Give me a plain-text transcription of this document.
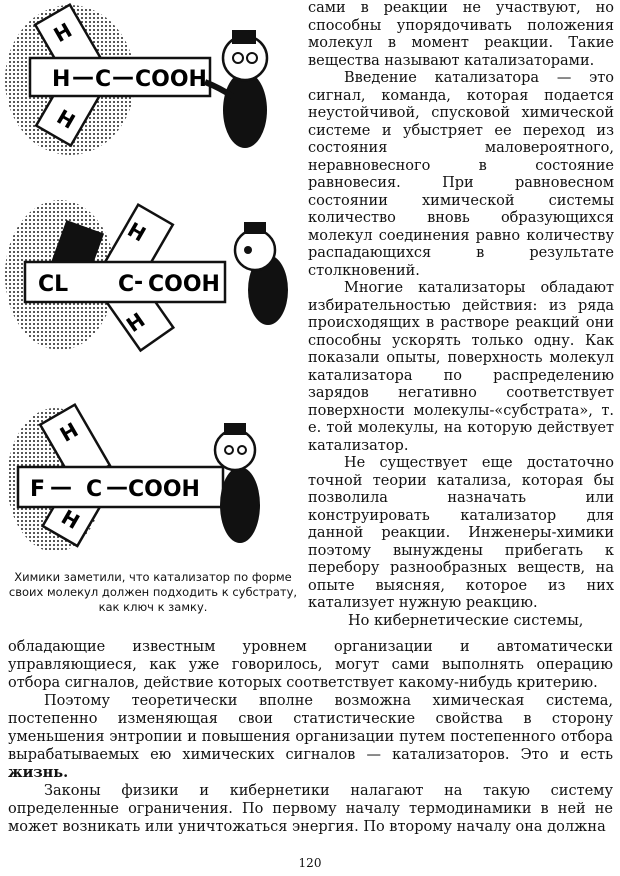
H — C — COOH
H
H
CL C - COOH
H
H
F — C — COOH
H
H

Химики заметили, что катализатор по форме своих молекул должен подходить к субстрату, как ключ к замку.

сами в реакции не участвуют, но способны упорядочивать положения молекул в момент реакции. Такие вещества называют катализаторами.

Введение катализатора — это сигнал, команда, которая подается неустойчивой, спусковой химической системе и убыстряет ее переход из состояния маловероятного, неравновесного в состояние равновесия. При равновесном состоянии химической системы количество вновь образующихся молекул соединения равно количеству распадающихся в результате столкновений.

Многие катализаторы обладают избирательностью действия: из ряда происходящих в растворе реакций они способны ускорять только одну. Как показали опыты, поверхность молекул катализатора по распределению зарядов негативно соответствует поверхности молекулы-«субстрата», т. е. той молекулы, на которую действует катализатор.

Не существует еще достаточно точной теории катализа, которая бы позволила назначать или конструировать катализатор для данной реакции. Инженеры-химики поэтому вынуждены прибегать к перебору разнообразных веществ, на опыте выясняя, которое из них катализует нужную реакцию.

Но кибернетические системы,

обладающие известным уровнем организации и автоматически управляющиеся, как уже говорилось, могут сами выполнять операцию отбора сигналов, действие которых соответствует какому-нибудь критерию.

Поэтому теоретически вполне возможна химическая система, постепенно изменяющая свои статистические свойства в сторону уменьшения энтропии и повышения организации путем постепенного отбора вырабатываемых ею химических сигналов — катализаторов. Это и есть жизнь.

Законы физики и кибернетики налагают на такую систему определенные ограничения. По первому началу термодинамики в ней не может возникать или уничтожаться энергия. По второму началу она должна

120
